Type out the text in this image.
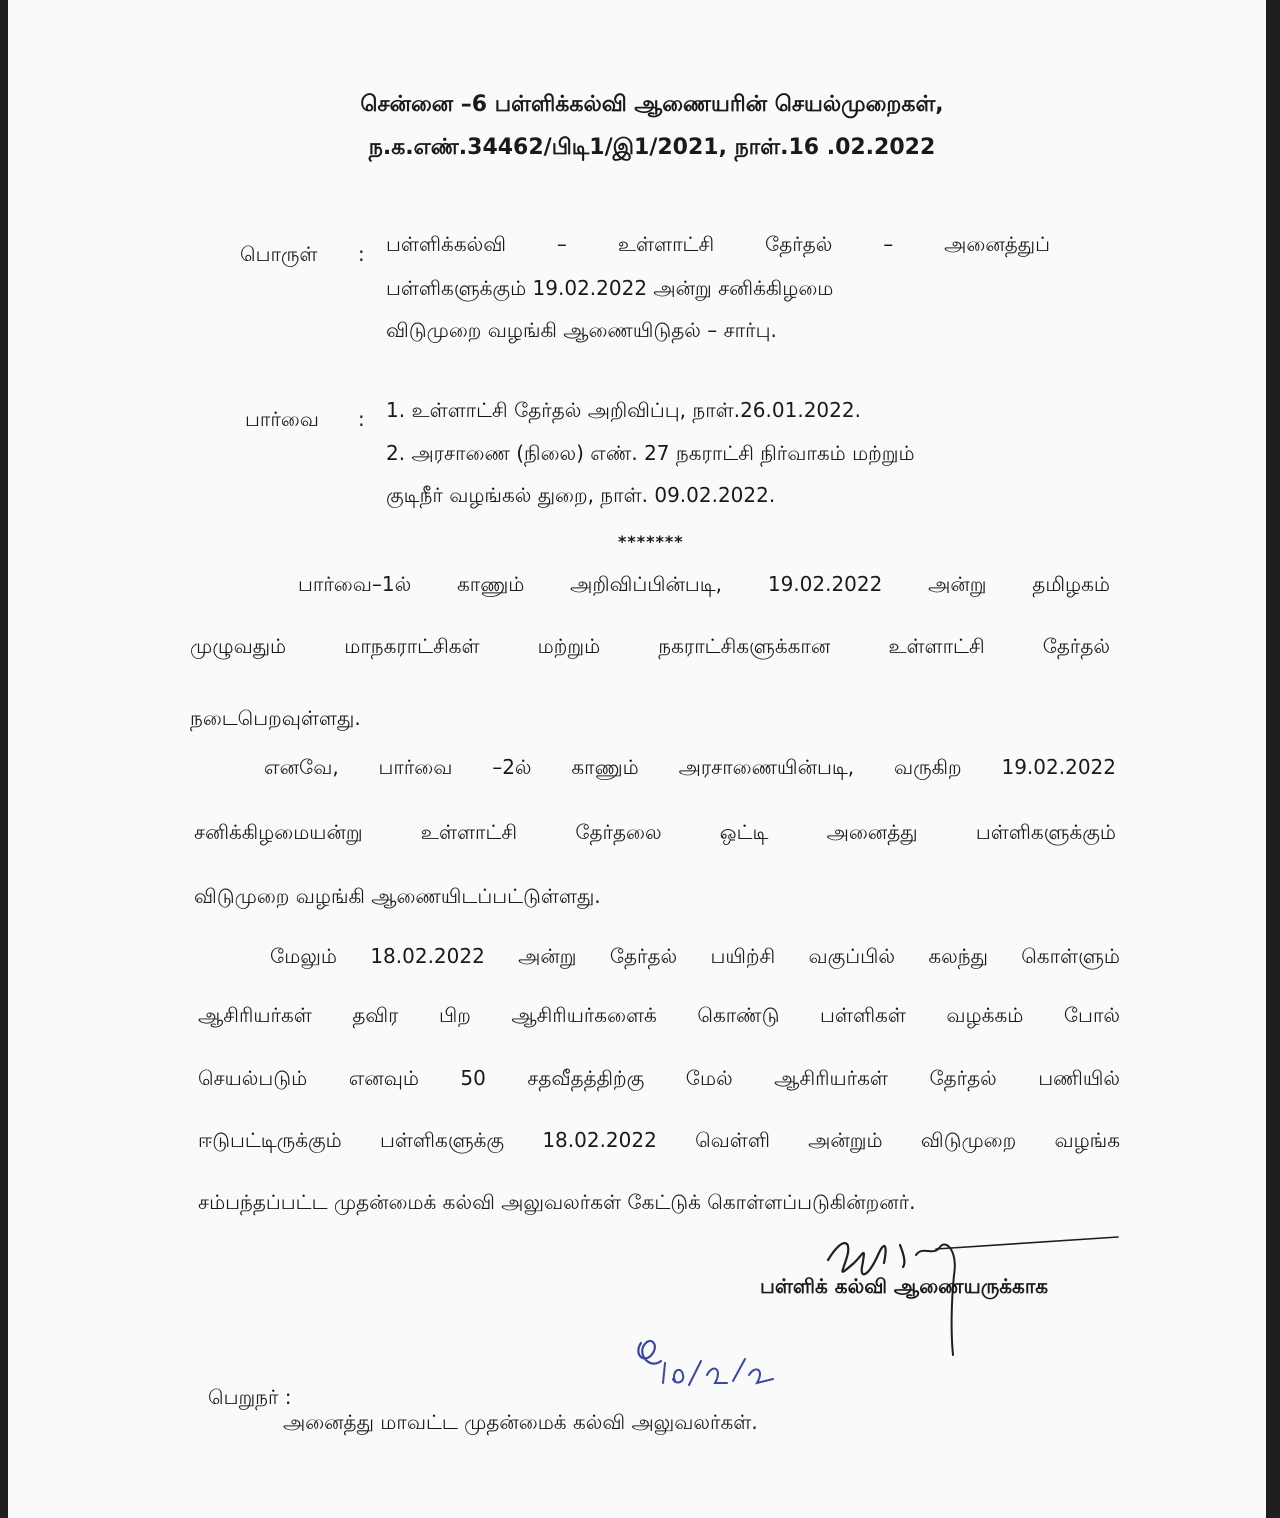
சென்னை –6 பள்ளிக்கல்வி ஆணையரின் செயல்முறைகள்,
ந.க.எண்.34462/பிடி1/இ1/2021, நாள்.16 .02.2022
பொருள் : பள்ளிக்கல்வி – உள்ளாட்சி தேர்தல் – அனைத்துப்
பள்ளிகளுக்கும் 19.02.2022 அன்று சனிக்கிழமை
விடுமுறை வழங்கி ஆணையிடுதல் – சார்பு.
பார்வை : 1. உள்ளாட்சி தேர்தல் அறிவிப்பு, நாள்.26.01.2022.
2. அரசாணை (நிலை) எண். 27 நகராட்சி நிர்வாகம் மற்றும்
குடிநீர் வழங்கல் துறை, நாள். 09.02.2022.
*******
பார்வை–1ல் காணும் அறிவிப்பின்படி, 19.02.2022 அன்று தமிழகம்
முழுவதும் மாநகராட்சிகள் மற்றும் நகராட்சிகளுக்கான உள்ளாட்சி தேர்தல்
நடைபெறவுள்ளது.
எனவே, பார்வை –2ல் காணும் அரசாணையின்படி, வருகிற 19.02.2022
சனிக்கிழமையன்று உள்ளாட்சி தேர்தலை ஒட்டி அனைத்து பள்ளிகளுக்கும்
விடுமுறை வழங்கி ஆணையிடப்பட்டுள்ளது.
மேலும் 18.02.2022 அன்று தேர்தல் பயிற்சி வகுப்பில் கலந்து கொள்ளும்
ஆசிரியர்கள் தவிர பிற ஆசிரியர்களைக் கொண்டு பள்ளிகள் வழக்கம் போல்
செயல்படும் எனவும் 50 சதவீதத்திற்கு மேல் ஆசிரியர்கள் தேர்தல் பணியில்
ஈடுபட்டிருக்கும் பள்ளிகளுக்கு 18.02.2022 வெள்ளி அன்றும் விடுமுறை வழங்க
சம்பந்தப்பட்ட முதன்மைக் கல்வி அலுவலர்கள் கேட்டுக் கொள்ளப்படுகின்றனர்.
பள்ளிக் கல்வி ஆணையருக்காக
பெறுநர் :
அனைத்து மாவட்ட முதன்மைக் கல்வி அலுவலர்கள்.
